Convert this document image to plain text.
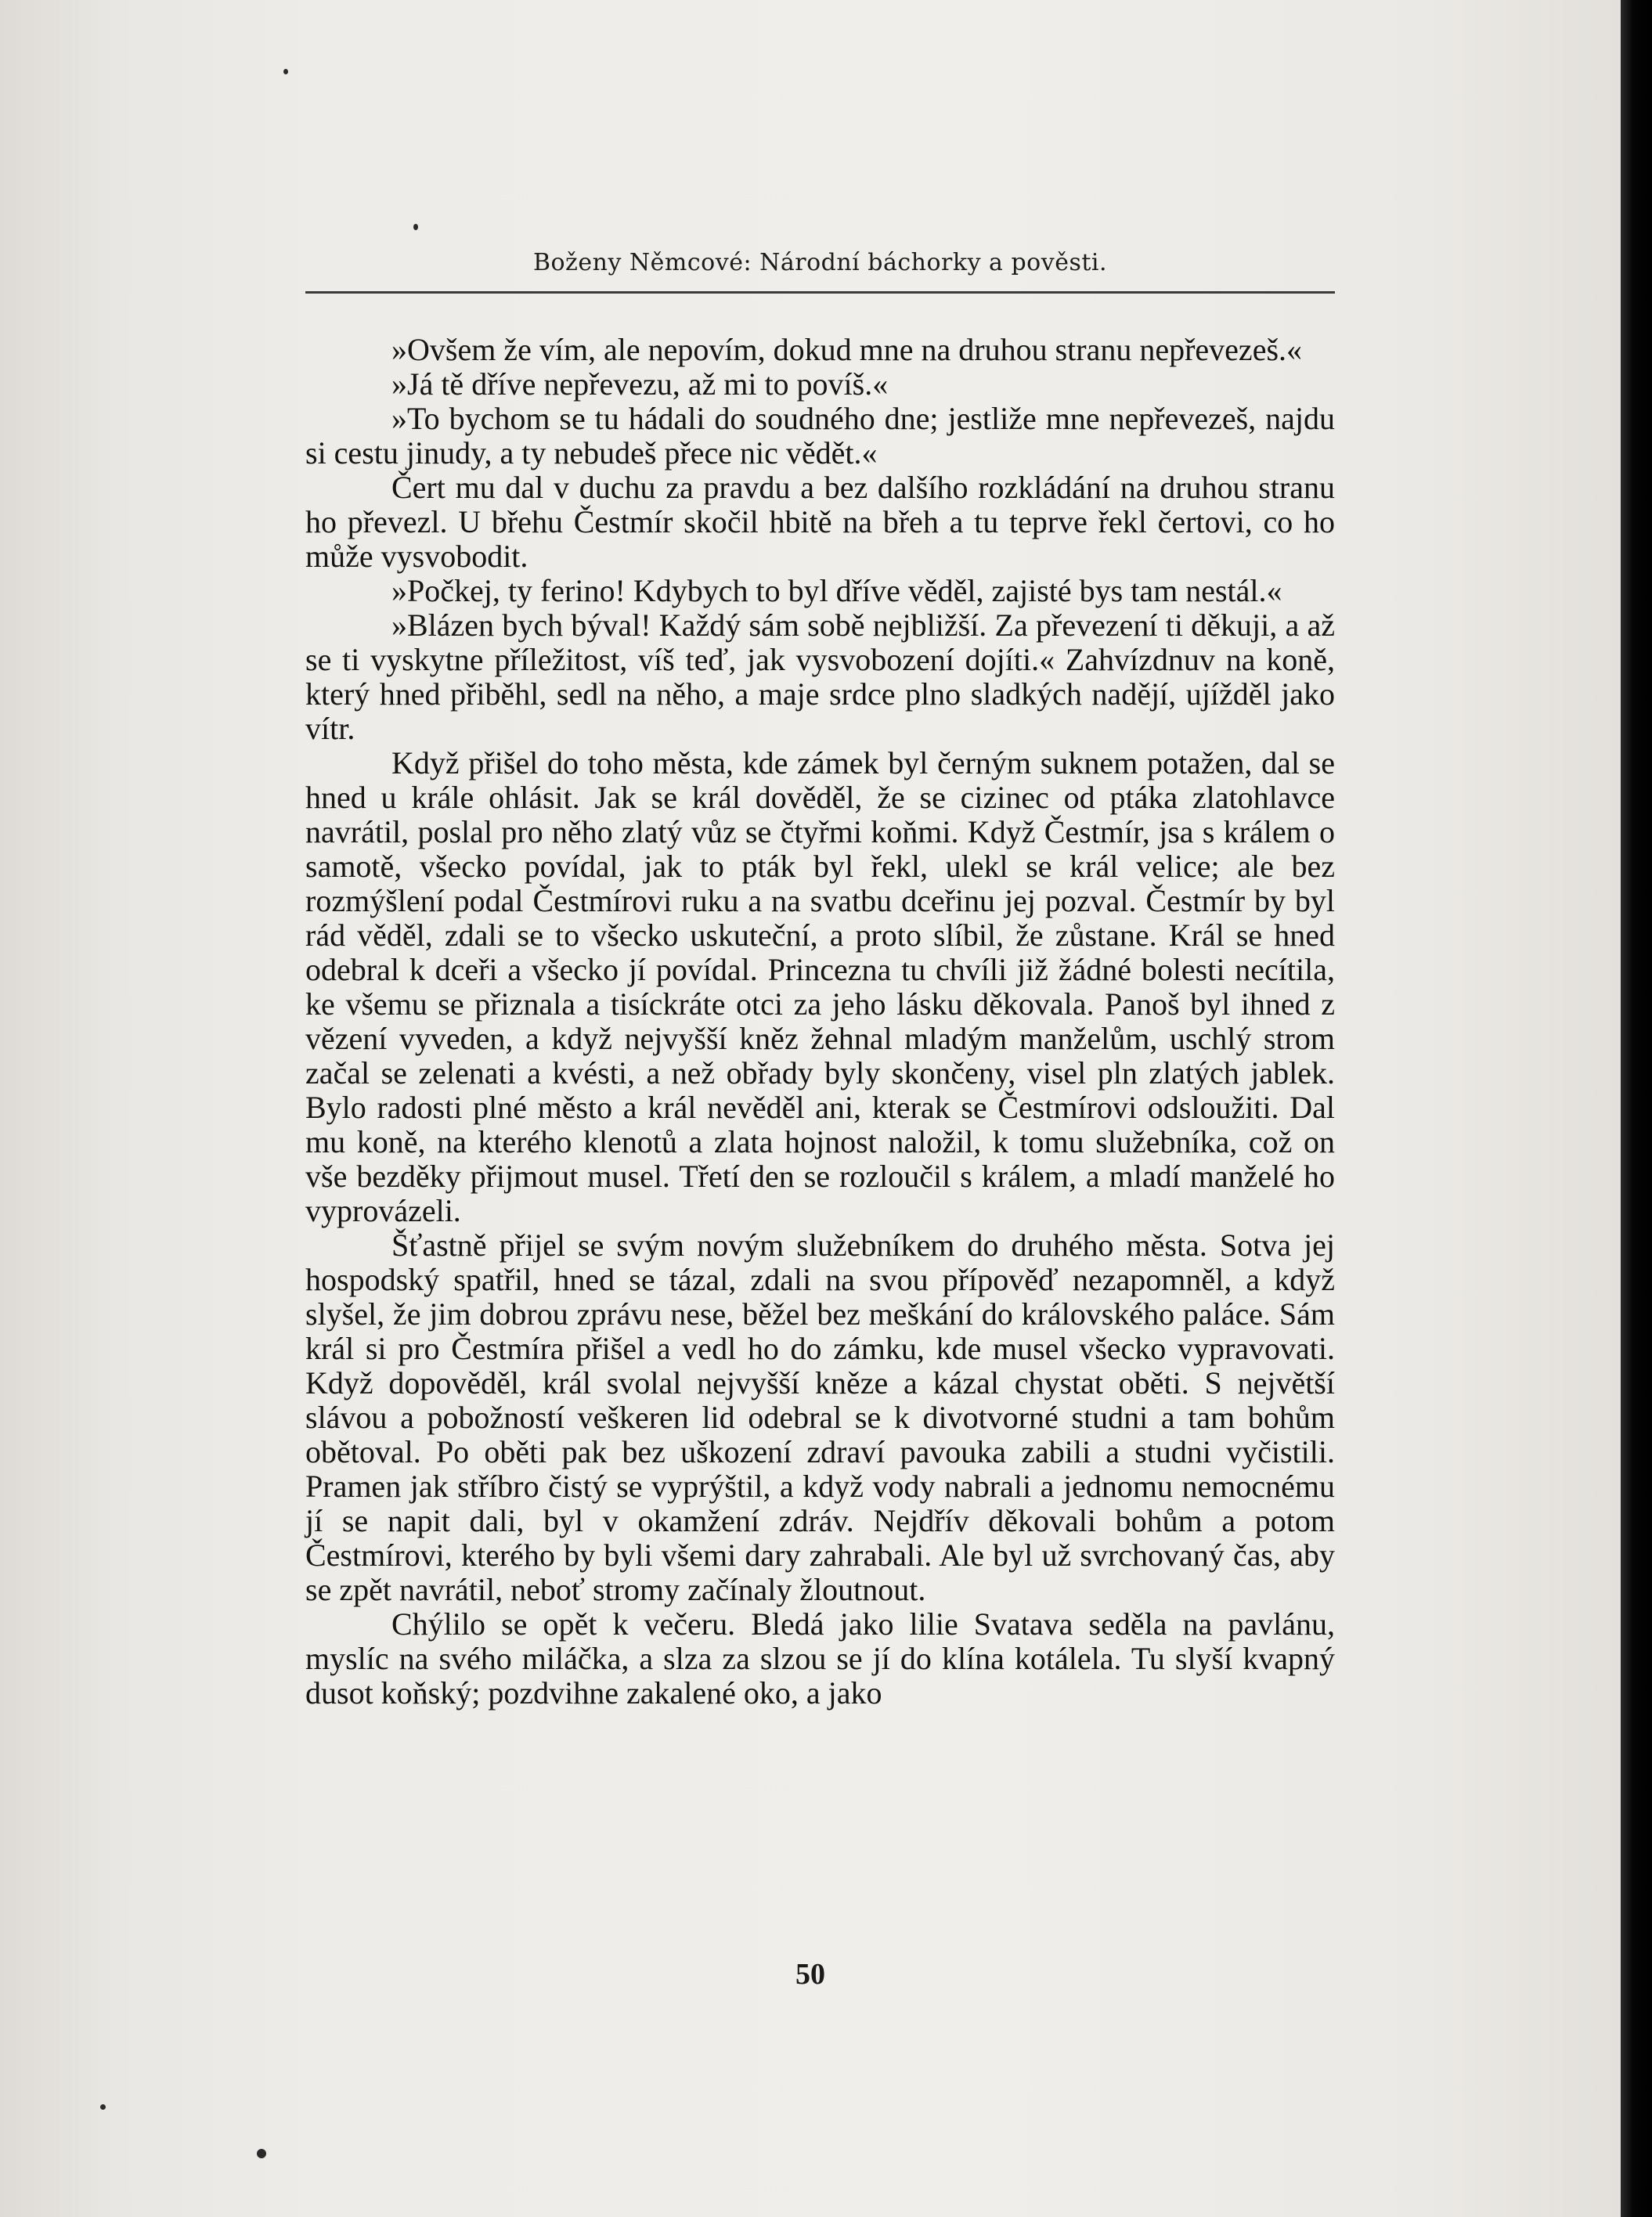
Boženy Němcové: Národní báchorky a pověsti.

»Ovšem že vím, ale nepovím, dokud mne na druhou stranu nepřevezeš.«

»Já tě dříve nepřevezu, až mi to povíš.«

»To bychom se tu hádali do soudného dne; jestliže mne nepřevezeš, najdu si cestu jinudy, a ty nebudeš přece nic vědět.«

Čert mu dal v duchu za pravdu a bez dalšího rozkládání na druhou stranu ho převezl. U břehu Čestmír skočil hbitě na břeh a tu teprve řekl čertovi, co ho může vysvobodit.

»Počkej, ty ferino! Kdybych to byl dříve věděl, zajisté bys tam nestál.«

»Blázen bych býval! Každý sám sobě nejbližší. Za převezení ti děkuji, a až se ti vyskytne příležitost, víš teď, jak vysvobození dojíti.« Zahvízdnuv na koně, který hned přiběhl, sedl na něho, a maje srdce plno sladkých nadějí, ujížděl jako vítr.

Když přišel do toho města, kde zámek byl černým suknem potažen, dal se hned u krále ohlásit. Jak se král dověděl, že se cizinec od ptáka zlatohlavce navrátil, poslal pro něho zlatý vůz se čtyřmi koňmi. Když Čestmír, jsa s králem o samotě, všecko povídal, jak to pták byl řekl, ulekl se král velice; ale bez rozmýšlení podal Čestmírovi ruku a na svatbu dceřinu jej pozval. Čestmír by byl rád věděl, zdali se to všecko uskuteční, a proto slíbil, že zůstane. Král se hned odebral k dceři a všecko jí povídal. Princezna tu chvíli již žádné bolesti necítila, ke všemu se přiznala a tisíckráte otci za jeho lásku děkovala. Panoš byl ihned z vězení vyveden, a když nejvyšší kněz žehnal mladým manželům, uschlý strom začal se zelenati a kvésti, a než obřady byly skončeny, visel pln zlatých jablek. Bylo radosti plné město a král nevěděl ani, kterak se Čestmírovi odsloužiti. Dal mu koně, na kterého klenotů a zlata hojnost naložil, k tomu služebníka, což on vše bezděky přijmout musel. Třetí den se rozloučil s králem, a mladí manželé ho vyprovázeli.

Šťastně přijel se svým novým služebníkem do druhého města. Sotva jej hospodský spatřil, hned se tázal, zdali na svou přípověď nezapomněl, a když slyšel, že jim dobrou zprávu nese, běžel bez meškání do královského paláce. Sám král si pro Čestmíra přišel a vedl ho do zámku, kde musel všecko vypravovati. Když dopověděl, král svolal nejvyšší kněze a kázal chystat oběti. S největší slávou a pobožností veškeren lid odebral se k divotvorné studni a tam bohům obětoval. Po oběti pak bez uškození zdraví pavouka zabili a studni vyčistili. Pramen jak stříbro čistý se vyprýštil, a když vody nabrali a jednomu nemocnému jí se napit dali, byl v okamžení zdráv. Nejdřív děkovali bohům a potom Čestmírovi, kterého by byli všemi dary zahrabali. Ale byl už svrchovaný čas, aby se zpět navrátil, neboť stromy začínaly žloutnout.

Chýlilo se opět k večeru. Bledá jako lilie Svatava seděla na pavlánu, myslíc na svého miláčka, a slza za slzou se jí do klína kotálela. Tu slyší kvapný dusot koňský; pozdvihne zakalené oko, a jako

50
